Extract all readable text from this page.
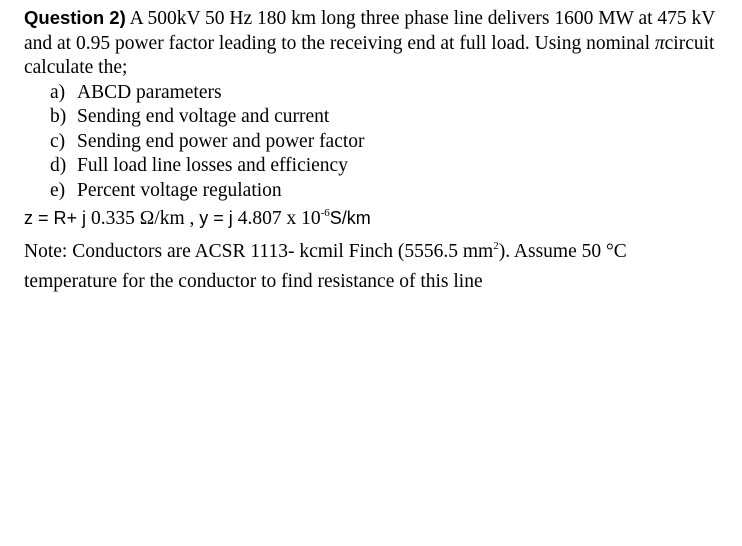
Question 2) A 500kV 50 Hz 180 km long three phase line delivers 1600 MW at 475 kV and at 0.95 power factor leading to the receiving end at full load. Using nominal πcircuit calculate the;
a) ABCD parameters
b) Sending end voltage and current
c) Sending end power and power factor
d) Full load line losses and efficiency
e) Percent voltage regulation
z = R+ j 0.335 Ω/km , y = j 4.807 x $10^{-6}S/km$
Note: Conductors are ACSR 1113- kcmil Finch (5556.5 $mm^2$). Assume 50 °C temperature for the conductor to find resistance of this line
